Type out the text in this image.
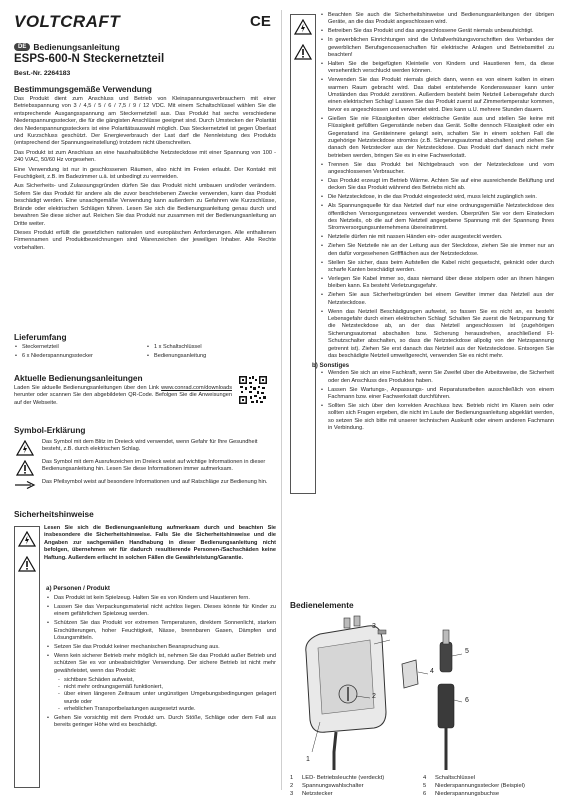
VOLTCRAFT	CE
DE Bedienungsanleitung
ESPS-600-N Steckernetzteil
Best.-Nr. 2264183
Bestimmungsgemäße Verwendung

Das Produkt dient zum Anschluss und Betrieb von Kleinspannungsverbrauchern mit einer Betriebsspannung von 3 / 4,5 / 5 / 6 / 7,5 / 9 / 12 VDC. Mit einem Schaltschlüssel wählen Sie die entsprechende Ausgangsspannung am Steckernetzteil aus. Das Produkt hat sechs verschiedene Niederspannungsstecker, die für die gängisten Anschlüsse geeignet sind. Durch Umstecken der Polarität des Niederspannungssteckers ist eine Polaritätsauswahl möglich. Das Steckernetzteil ist gegen Überlast und Kurzschluss geschützt. Der Energieverbrauch der Last darf die Nennleistung des Produkts (entsprechend der Spannungseinstellung) trotzdem nicht überschreiten.

Das Produkt ist zum Anschluss an eine haushaltsübliche Netzsteckdose mit einer Spannung von 100 - 240 V/AC, 50/60 Hz vorgesehen.

Eine Verwendung ist nur in geschlossenen Räumen, also nicht im Freien erlaubt. Der Kontakt mit Feuchtigkeit, z.B. im Badezimmer u.ä. ist unbedingt zu vermeiden.

Aus Sicherheits- und Zulassungsgründen dürfen Sie das Produkt nicht umbauen und/oder verändern. Sofern Sie das Produkt für andere als die zuvor beschriebenen Zwecke verwenden, kann das Produkt beschädigt werden. Eine unsachgemäße Verwendung kann außerdem zu Gefahren wie Kurzschlüsse, Brände oder elektrischen Schlägen führen. Lesen Sie sich die Bedienungsanleitung genau durch und bewahren Sie diese sicher auf. Reichen Sie das Produkt nur zusammen mit der Bedienungsanleitung an Dritte weiter.

Dieses Produkt erfüllt die gesetzlichen nationalen und europäischen Anforderungen. Alle enthaltenen Firmennamen und Produktbezeichnungen sind Warenzeichen der jeweiligen Inhaber. Alle Rechte vorbehalten.

Lieferumfang
• Steckernetzteil
• 6 x Niederspannungsstecker
• 1 x Schaltschlüssel
• Bedienungsanleitung
Aktuelle Bedienungsanleitungen
Laden Sie aktuelle Bedienungsanleitungen über den Link www.conrad.com/downloads herunter oder scannen Sie den abgebildeten QR-Code. Befolgen Sie die Anweisungen auf der Webseite.
Symbol-Erklärung
Das Symbol mit dem Blitz im Dreieck wird verwendet, wenn Gefahr für Ihre Gesundheit besteht, z.B. durch elektrischen Schlag.
Das Symbol mit dem Ausrufezeichen im Dreieck weist auf wichtige Informationen in dieser Bedienungsanleitung hin. Lesen Sie diese Informationen immer aufmerksam.
Das Pfeilsymbol weist auf besondere Informationen und auf Ratschläge zur Bedienung hin.
Sicherheitshinweise

Lesen Sie sich die Bedienungsanleitung aufmerksam durch und beachten Sie insbesondere die Sicherheitshinweise. Falls Sie die Sicherheitshinweise und die Angaben zur sachgemäßen Handhabung in dieser Bedienungsanleitung nicht befolgen, übernehmen wir für dadurch resultierende Personen-/Sachschäden keine Haftung. Außerdem erlischt in solchen Fällen die Gewährleistung/Garantie.
a) Personen / Produkt
• Das Produkt ist kein Spielzeug. Halten Sie es von Kindern und Haustieren fern.
• Lassen Sie das Verpackungsmaterial nicht achtlos liegen. Dieses könnte für Kinder zu einem gefährlichen Spielzeug werden.
• Schützen Sie das Produkt vor extremen Temperaturen, direktem Sonnenlicht, starken Erschütterungen, hoher Feuchtigkeit, Nässe, brennbaren Gasen, Dämpfen und Lösungsmitteln.
• Setzen Sie das Produkt keiner mechanischen Beanspruchung aus.
• Wenn kein sicherer Betrieb mehr möglich ist, nehmen Sie das Produkt außer Betrieb und schützen Sie es vor unbeabsichtigter Verwendung. Der sichere Betrieb ist nicht mehr gewährleistet, wenn das Produkt:
- sichtbare Schäden aufweist,
- nicht mehr ordnungsgemäß funktioniert,
- über einen längeren Zeitraum unter ungünstigen Umgebungsbedingungen gelagert wurde oder
- erheblichen Transportbelastungen ausgesetzt wurde.
• Gehen Sie vorsichtig mit dem Produkt um. Durch Stöße, Schläge oder dem Fall aus bereits geringer Höhe wird es beschädigt.

• Beachten Sie auch die Sicherheitshinweise und Bedienungsanleitungen der übrigen Geräte, an die das Produkt angeschlossen wird.
• Betreiben Sie das Produkt und das angeschlossene Gerät niemals unbeaufsichtigt.
• In gewerblichen Einrichtungen sind die Unfallverhütungsvorschriften des Verbandes der gewerblichen Berufsgenossenschaften für elektrische Anlagen und Betriebsmittel zu beachten!
• Halten Sie die beigefügten Kleinteile von Kindern und Haustieren fern, da diese versehentlich verschluckt werden können.
• Verwenden Sie das Produkt niemals gleich dann, wenn es von einem kalten in einen warmen Raum gebracht wird. Das dabei entstehende Kondenswasser kann unter Umständen das Produkt zerstören. Außerdem besteht beim Netzteil Lebensgefahr durch einen elektrischen Schlag! Lassen Sie das Produkt zuerst auf Zimmertemperatur kommen, bevor es angeschlossen und verwendet wird. Dies kann u.U. mehrere Stunden dauern.
• Gießen Sie nie Flüssigkeiten über elektrische Geräte aus und stellen Sie keine mit Flüssigkeit gefüllten Gegenstände neben das Gerät. Sollte dennoch Flüssigkeit oder ein Gegenstand ins Geräteinnere gelangt sein, schalten Sie in einem solchen Fall die zugehörige Netzsteckdose stromlos (z.B. Sicherungsautomat abschalten) und ziehen Sie danach den Netzstecker aus der Netzsteckdose. Das Produkt darf danach nicht mehr betrieben werden, bringen Sie es in eine Fachwerkstatt.
• Trennen Sie das Produkt bei Nichtgebrauch von der Netzsteckdose und vom angeschlossenen Verbraucher.
• Das Produkt erzeugt im Betrieb Wärme. Achten Sie auf eine ausreichende Belüftung und decken Sie das Produkt während des Betriebs nicht ab.
• Die Netzsteckdose, in die das Produkt eingesteckt wird, muss leicht zugänglich sein.
• Als Spannungsquelle für das Netzteil darf nur eine ordnungsgemäße Netzsteckdose des öffentlichen Versorgungsnetzes verwendet werden. Überprüfen Sie vor dem Einstecken des Netzteils, ob die auf dem Netzteil angegebene Spannung mit der Spannung Ihres Stromversorgungsunternehmens übereinstimmt.
• Netzteile dürfen nie mit nassen Händen ein- oder ausgesteckt werden.
• Ziehen Sie Netzteile nie an der Leitung aus der Steckdose, ziehen Sie sie immer nur an den dafür vorgesehenen Griffflächen aus der Netzsteckdose.
• Stellen Sie sicher, dass beim Aufstellen die Kabel nicht gequetscht, geknickt oder durch scharfe Kanten beschädigt werden.
• Verlegen Sie Kabel immer so, dass niemand über diese stolpern oder an ihnen hängen bleiben kann. Es besteht Verletzungsgefahr.
• Ziehen Sie aus Sicherheitsgründen bei einem Gewitter immer das Netzteil aus der Netzsteckdose.
• Wenn das Netzteil Beschädigungen aufweist, so fassen Sie es nicht an, es besteht Lebensgefahr durch einen elektrischen Schlag! Schalten Sie zuerst die Netzspannung für die Netzsteckdose ab, an der das Netzteil angeschlossen ist (zugehörigen Sicherungsautomat abschalten bzw. Sicherung herausdrehen, anschließend FI-Schutzschalter abschalten, so dass die Netzsteckdose allpolig von der Netzspannung getrennt ist). Ziehen Sie erst danach das Netzteil aus der Netzsteckdose. Entsorgen Sie das beschädigte Netzteil umweltgerecht, verwenden Sie es nicht mehr.
b) Sonstiges
• Wenden Sie sich an eine Fachkraft, wenn Sie Zweifel über die Arbeitsweise, die Sicherheit oder den Anschluss des Produktes haben.
• Lassen Sie Wartungs-, Anpassungs- und Reparaturarbeiten ausschließlich von einem Fachmann bzw. einer Fachwerkstatt durchführen.
• Sollten Sie sich über den korrekten Anschluss bzw. Betrieb nicht im Klaren sein oder sollten sich Fragen ergeben, die nicht im Laufe der Bedienungsanleitung abgeklärt werden, so setzen Sie sich bitte mit unserer technischen Auskunft oder einem anderen Fachmann in Verbindung.
Bedienelemente
3
2
4
5
6
1
1 LED- Betriebsleuchte (verdeckt)	4 Schaltschlüssel
2 Spannungswahlschalter	5 Niederspannungsstecker (Beispiel)
3 Netzstecker	6 Niederspannungsbuchse
